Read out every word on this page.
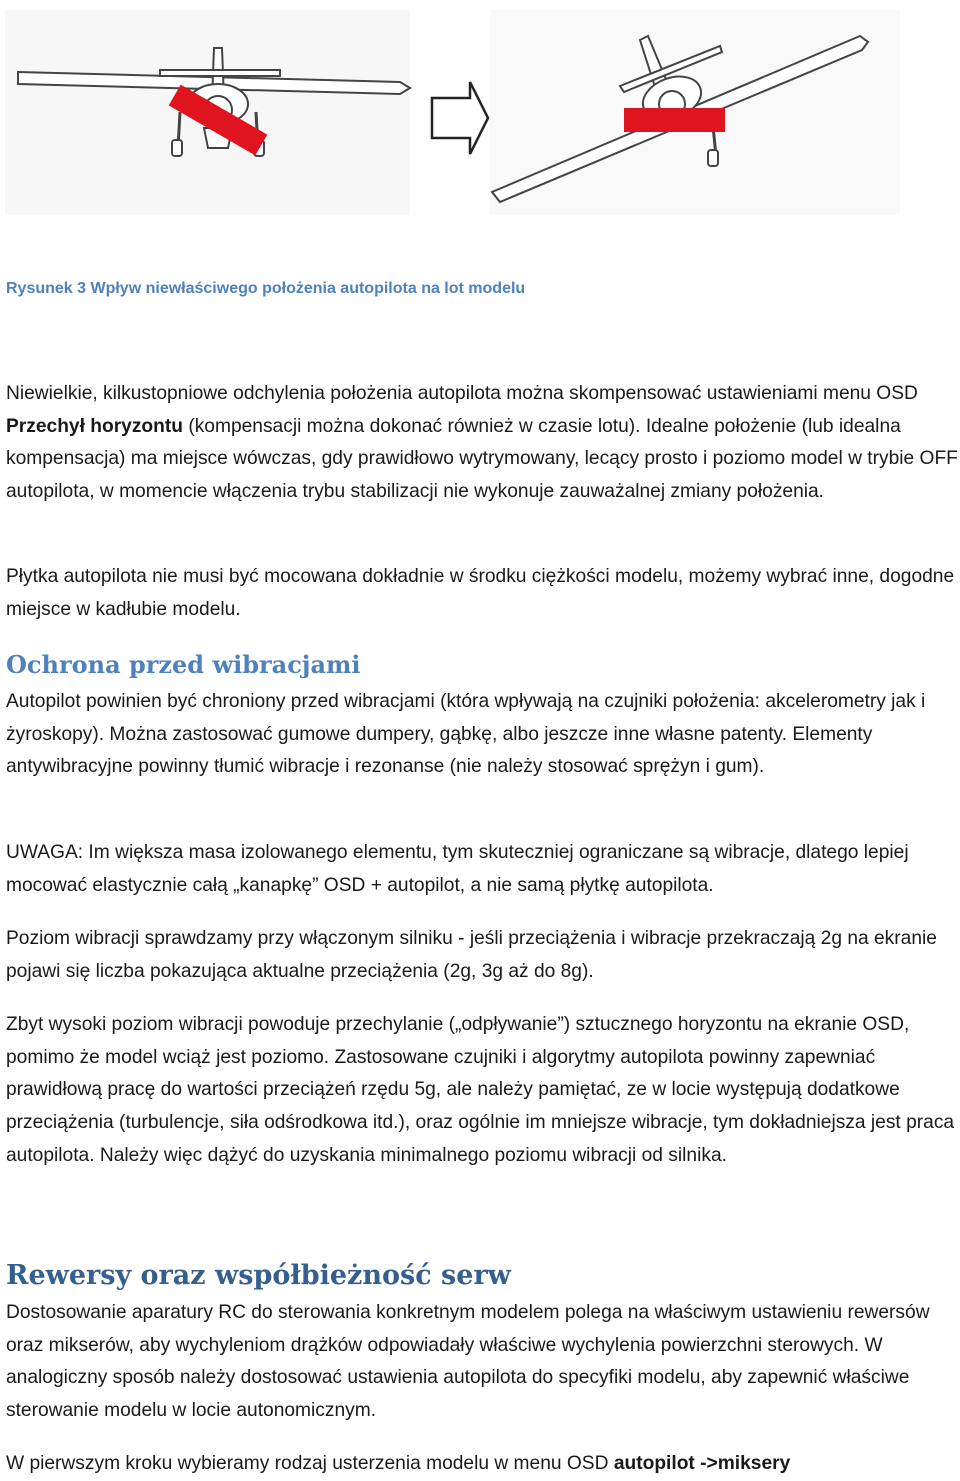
Rysunek 3 Wpływ niewłaściwego położenia autopilota na lot modelu

Niewielkie, kilkustopniowe odchylenia położenia autopilota można skompensować ustawieniami menu OSD Przechył horyzontu (kompensacji można dokonać również w czasie lotu). Idealne położenie (lub idealna kompensacja) ma miejsce wówczas, gdy prawidłowo wytrymowany, lecący prosto i poziomo model w trybie OFF autopilota, w momencie włączenia trybu stabilizacji nie wykonuje zauważalnej zmiany położenia.

Płytka autopilota nie musi być mocowana dokładnie w środku ciężkości modelu, możemy wybrać inne, dogodne miejsce w kadłubie modelu.

Ochrona przed wibracjami

Autopilot powinien być chroniony przed wibracjami (która wpływają na czujniki położenia: akcelerometry jak i żyroskopy). Można zastosować gumowe dumpery, gąbkę, albo jeszcze inne własne patenty. Elementy antywibracyjne powinny tłumić wibracje i rezonanse (nie należy stosować sprężyn i gum).

UWAGA: Im większa masa izolowanego elementu, tym skuteczniej ograniczane są wibracje, dlatego lepiej mocować elastycznie całą „kanapkę” OSD + autopilot, a nie samą płytkę autopilota.

Poziom wibracji sprawdzamy przy włączonym silniku - jeśli przeciążenia i wibracje przekraczają 2g na ekranie pojawi się liczba pokazująca aktualne przeciążenia (2g, 3g aż do 8g).

Zbyt wysoki poziom wibracji powoduje przechylanie („odpływanie”) sztucznego horyzontu na ekranie OSD, pomimo że model wciąż jest poziomo. Zastosowane czujniki i algorytmy autopilota powinny zapewniać prawidłową pracę do wartości przeciążeń rzędu 5g, ale należy pamiętać, ze w locie występują dodatkowe przeciążenia (turbulencje, siła odśrodkowa itd.), oraz ogólnie im mniejsze wibracje, tym dokładniejsza jest praca autopilota. Należy więc dążyć do uzyskania minimalnego poziomu wibracji od silnika.

Rewersy oraz współbieżność serw

Dostosowanie aparatury RC do sterowania konkretnym modelem polega na właściwym ustawieniu rewersów oraz mikserów, aby wychyleniom drążków odpowiadały właściwe wychylenia powierzchni sterowych. W analogiczny sposób należy dostosować ustawienia autopilota do specyfiki modelu, aby zapewnić właściwe sterowanie modelu w locie autonomicznym.

W pierwszym kroku wybieramy rodzaj usterzenia modelu w menu OSD autopilot ->miksery
